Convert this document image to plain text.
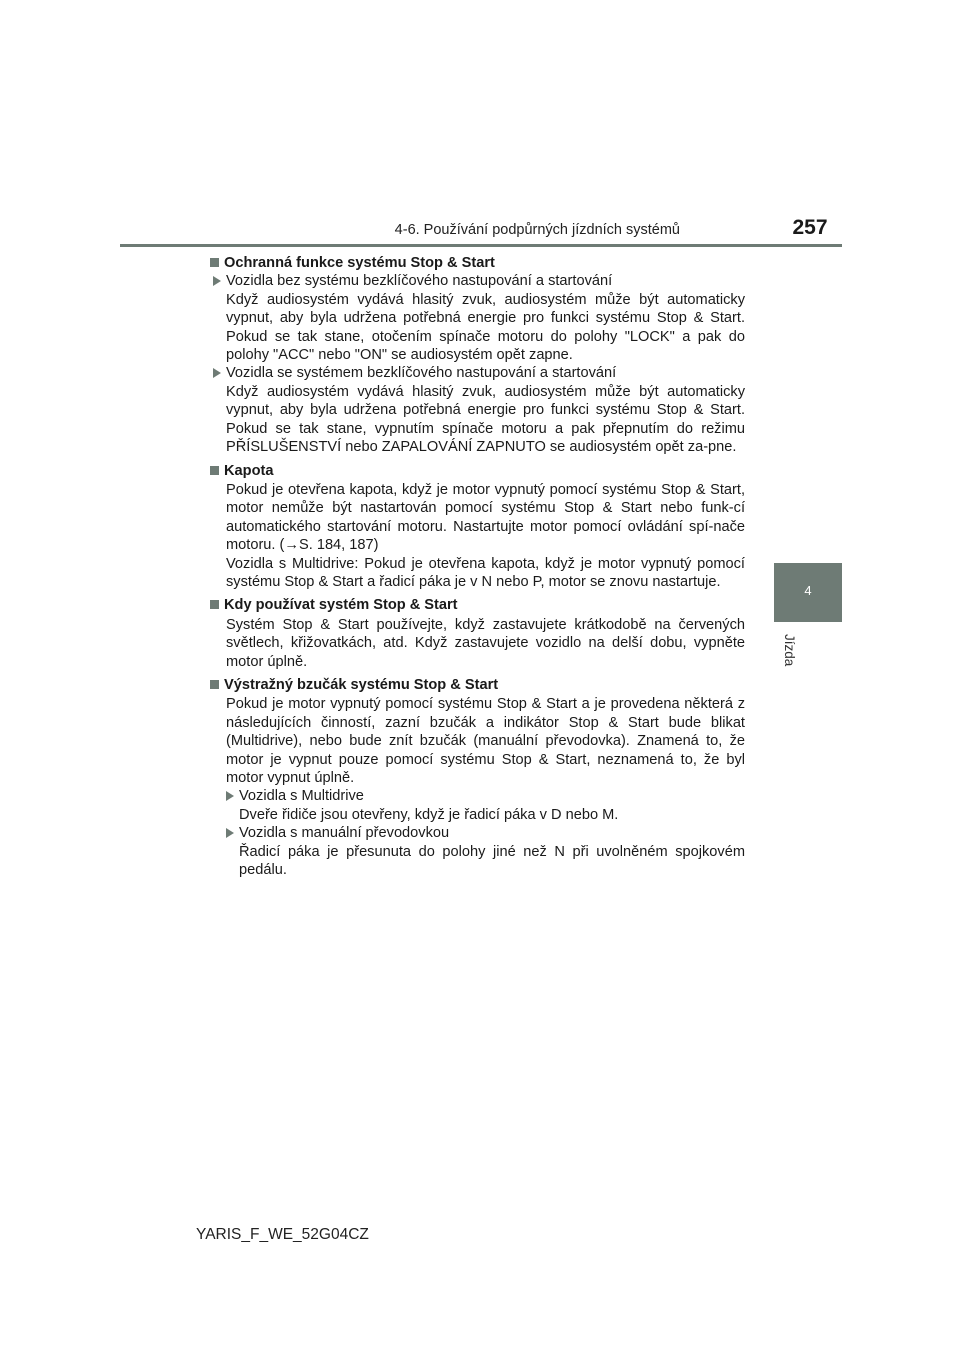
4-6. Používání podpůrných jízdních systémů	257
4
Jízda

Ochranná funkce systému Stop & Start

Vozidla bez systému bezklíčového nastupování a startování

Když audiosystém vydává hlasitý zvuk, audiosystém může být automaticky vypnut, aby byla udržena potřebná energie pro funkci systému Stop & Start. Pokud se tak stane, otočením spínače motoru do polohy "LOCK" a pak do polohy "ACC" nebo "ON" se audiosystém opět zapne.

Vozidla se systémem bezklíčového nastupování a startování

Když audiosystém vydává hlasitý zvuk, audiosystém může být automaticky vypnut, aby byla udržena potřebná energie pro funkci systému Stop & Start. Pokud se tak stane, vypnutím spínače motoru a pak přepnutím do režimu PŘÍSLUŠENSTVÍ nebo ZAPALOVÁNÍ ZAPNUTO se audiosystém opět za-pne.

Kapota

Pokud je otevřena kapota, když je motor vypnutý pomocí systému Stop & Start, motor nemůže být nastartován pomocí systému Stop & Start nebo funk-cí automatického startování motoru. Nastartujte motor pomocí ovládání spí-nače motoru. (→S. 184, 187)

Vozidla s Multidrive: Pokud je otevřena kapota, když je motor vypnutý pomocí systému Stop & Start a řadicí páka je v N nebo P, motor se znovu nastartuje.

Kdy používat systém Stop & Start

Systém Stop & Start používejte, když zastavujete krátkodobě na červených světlech, křižovatkách, atd. Když zastavujete vozidlo na delší dobu, vypněte motor úplně.

Výstražný bzučák systému Stop & Start

Pokud je motor vypnutý pomocí systému Stop & Start a je provedena některá z následujících činností, zazní bzučák a indikátor Stop & Start bude blikat (Multidrive), nebo bude znít bzučák (manuální převodovka). Znamená to, že motor je vypnut pouze pomocí systému Stop & Start, neznamená to, že byl motor vypnut úplně.

Vozidla s Multidrive

Dveře řidiče jsou otevřeny, když je řadicí páka v D nebo M.

Vozidla s manuální převodovkou

Řadicí páka je přesunuta do polohy jiné než N při uvolněném spojkovém pedálu.

YARIS_F_WE_52G04CZ
